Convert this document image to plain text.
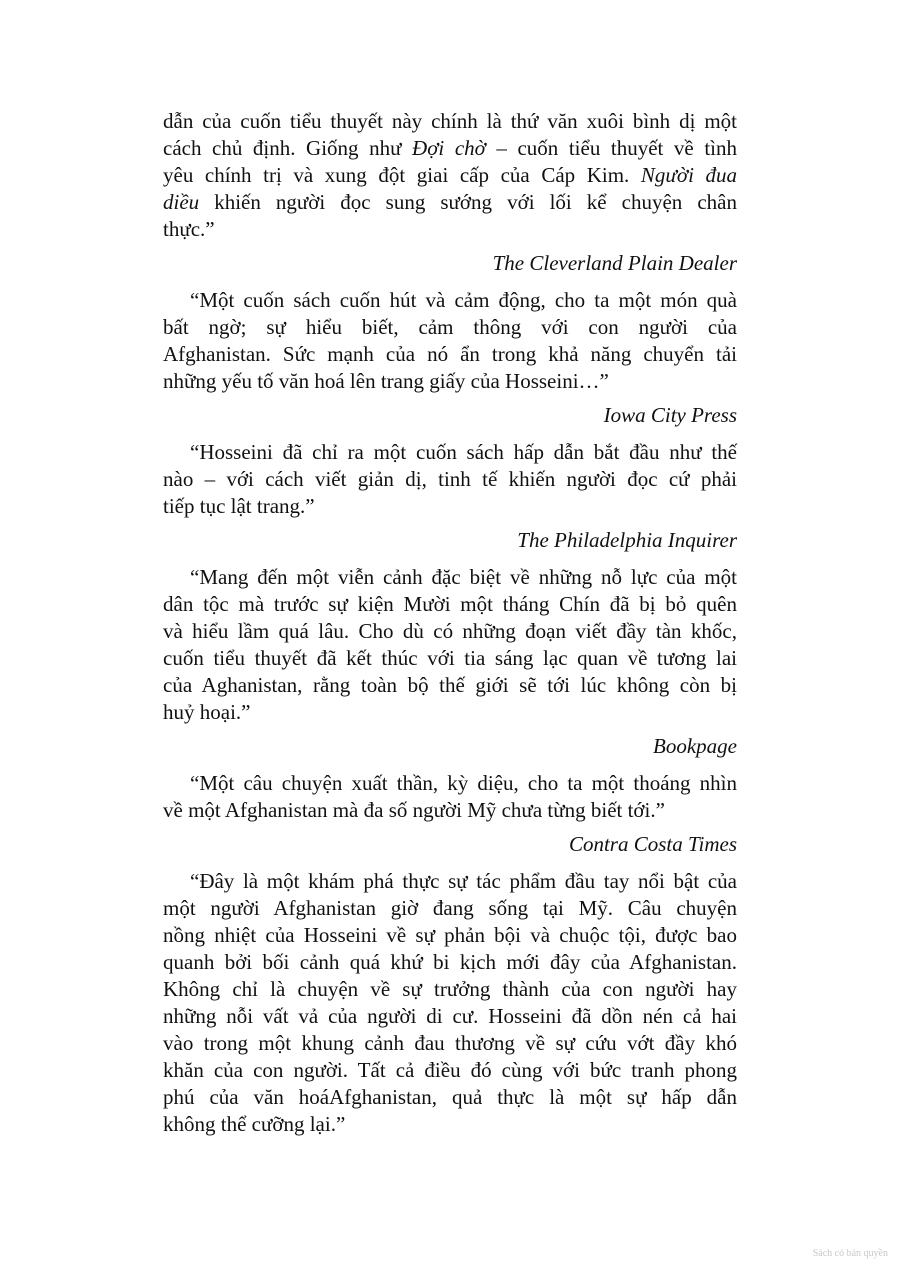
dẫn của cuốn tiểu thuyết này chính là thứ văn xuôi bình dị một
cách chủ định. Giống như Đợi chờ – cuốn tiểu thuyết về tình
yêu chính trị và xung đột giai cấp của Cáp Kim. Người đua
diều khiến người đọc sung sướng với lối kể chuyện chân
thực.”
The Cleverland Plain Dealer
“Một cuốn sách cuốn hút và cảm động, cho ta một món quà
bất ngờ; sự hiểu biết, cảm thông với con người của
Afghanistan. Sức mạnh của nó ẩn trong khả năng chuyển tải
những yếu tố văn hoá lên trang giấy của Hosseini…”
Iowa City Press
“Hosseini đã chỉ ra một cuốn sách hấp dẫn bắt đầu như thế
nào – với cách viết giản dị, tinh tế khiến người đọc cứ phải
tiếp tục lật trang.”
The Philadelphia Inquirer
“Mang đến một viễn cảnh đặc biệt về những nỗ lực của một
dân tộc mà trước sự kiện Mười một tháng Chín đã bị bỏ quên
và hiểu lầm quá lâu. Cho dù có những đoạn viết đầy tàn khốc,
cuốn tiểu thuyết đã kết thúc với tia sáng lạc quan về tương lai
của Aghanistan, rằng toàn bộ thế giới sẽ tới lúc không còn bị
huỷ hoại.”
Bookpage
“Một câu chuyện xuất thần, kỳ diệu, cho ta một thoáng nhìn
về một Afghanistan mà đa số người Mỹ chưa từng biết tới.”
Contra Costa Times
“Đây là một khám phá thực sự tác phẩm đầu tay nổi bật của
một người Afghanistan giờ đang sống tại Mỹ. Câu chuyện
nồng nhiệt của Hosseini về sự phản bội và chuộc tội, được bao
quanh bởi bối cảnh quá khứ bi kịch mới đây của Afghanistan.
Không chỉ là chuyện về sự trưởng thành của con người hay
những nỗi vất vả của người di cư. Hosseini đã dồn nén cả hai
vào trong một khung cảnh đau thương về sự cứu vớt đầy khó
khăn của con người. Tất cả điều đó cùng với bức tranh phong
phú của văn hoáAfghanistan, quả thực là một sự hấp dẫn
không thể cưỡng lại.”
Sách có bản quyền
